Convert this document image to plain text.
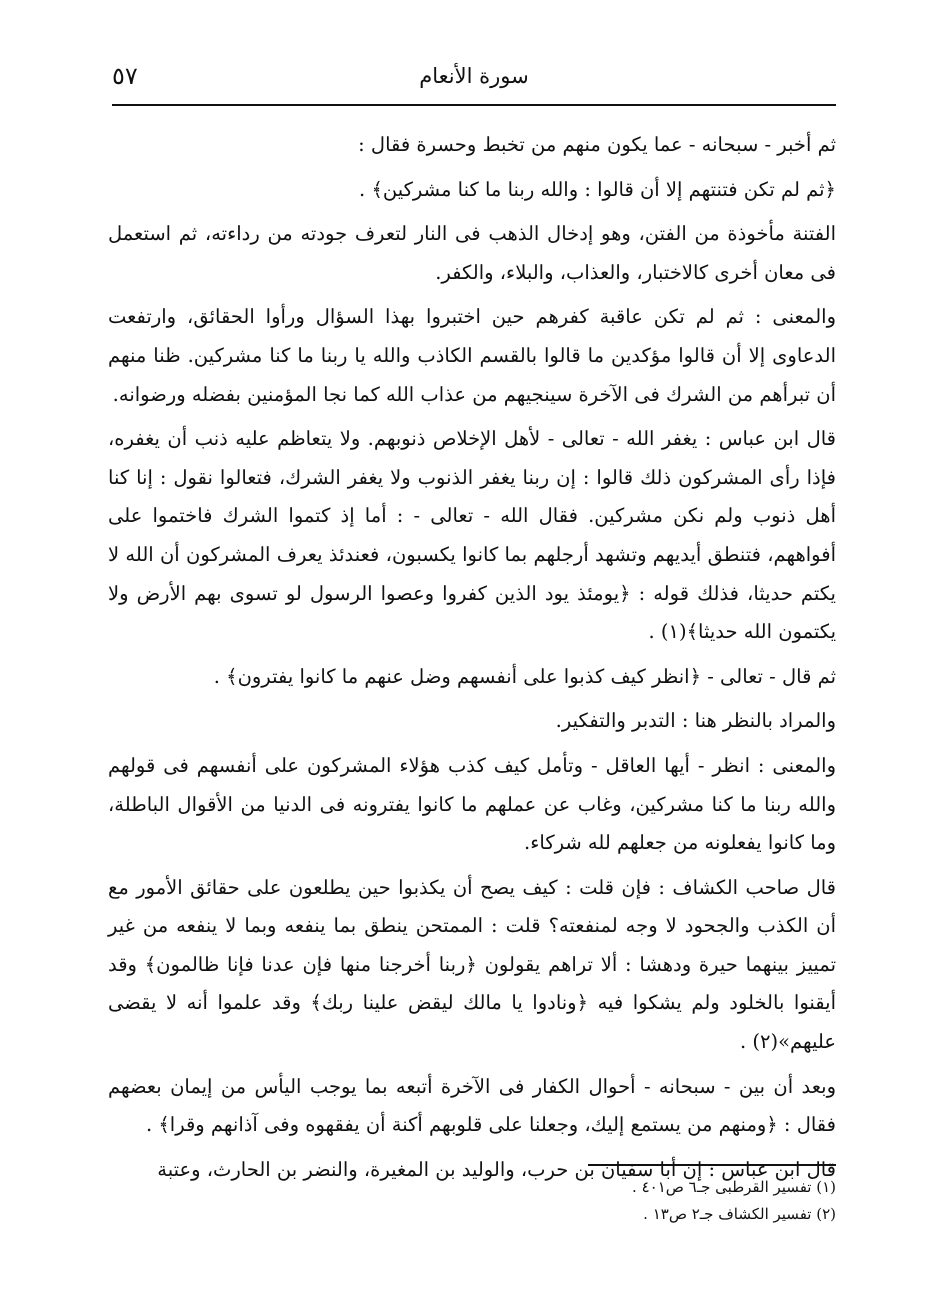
٥٧	سورة الأنعام

ثم أخبر - سبحانه - عما يكون منهم من تخبط وحسرة فقال :

﴿ثم لم تكن فتنتهم إلا أن قالوا : والله ربنا ما كنا مشركين﴾ .

الفتنة مأخوذة من الفتن، وهو إدخال الذهب فى النار لتعرف جودته من رداءته، ثم استعمل فى معان أخرى كالاختبار، والعذاب، والبلاء، والكفر.

والمعنى : ثم لم تكن عاقبة كفرهم حين اختبروا بهذا السؤال ورأوا الحقائق، وارتفعت الدعاوى إلا أن قالوا مؤكدين ما قالوا بالقسم الكاذب والله يا ربنا ما كنا مشركين. ظنا منهم أن تبرأهم من الشرك فى الآخرة سينجيهم من عذاب الله كما نجا المؤمنين بفضله ورضوانه.

قال ابن عباس : يغفر الله - تعالى - لأهل الإخلاص ذنوبهم. ولا يتعاظم عليه ذنب أن يغفره، فإذا رأى المشركون ذلك قالوا : إن ربنا يغفر الذنوب ولا يغفر الشرك، فتعالوا نقول : إنا كنا أهل ذنوب ولم نكن مشركين. فقال الله - تعالى - : أما إذ كتموا الشرك فاختموا على أفواههم، فتنطق أيديهم وتشهد أرجلهم بما كانوا يكسبون، فعندئذ يعرف المشركون أن الله لا يكتم حديثا، فذلك قوله : ﴿يومئذ يود الذين كفروا وعصوا الرسول لو تسوى بهم الأرض ولا يكتمون الله حديثا﴾(١) .

ثم قال - تعالى - ﴿انظر كيف كذبوا على أنفسهم وضل عنهم ما كانوا يفترون﴾ .

والمراد بالنظر هنا : التدبر والتفكير.

والمعنى : انظر - أيها العاقل - وتأمل كيف كذب هؤلاء المشركون على أنفسهم فى قولهم والله ربنا ما كنا مشركين، وغاب عن عملهم ما كانوا يفترونه فى الدنيا من الأقوال الباطلة، وما كانوا يفعلونه من جعلهم لله شركاء.

قال صاحب الكشاف : فإن قلت : كيف يصح أن يكذبوا حين يطلعون على حقائق الأمور مع أن الكذب والجحود لا وجه لمنفعته؟ قلت : الممتحن ينطق بما ينفعه وبما لا ينفعه من غير تمييز بينهما حيرة ودهشا : ألا تراهم يقولون ﴿ربنا أخرجنا منها فإن عدنا فإنا ظالمون﴾ وقد أيقنوا بالخلود ولم يشكوا فيه ﴿ونادوا يا مالك ليقض علينا ربك﴾ وقد علموا أنه لا يقضى عليهم»(٢) .

وبعد أن بين - سبحانه - أحوال الكفار فى الآخرة أتبعه بما يوجب اليأس من إيمان بعضهم فقال : ﴿ومنهم من يستمع إليك، وجعلنا على قلوبهم أكنة أن يفقهوه وفى آذانهم وقرا﴾ .

قال ابن عباس : إن أبا سفيان بن حرب، والوليد بن المغيرة، والنضر بن الحارث، وعتبة

(١) تفسير القرطبى جـ٦ ص٤٠١ .

(٢) تفسير الكشاف جـ٢ ص١٣ .
